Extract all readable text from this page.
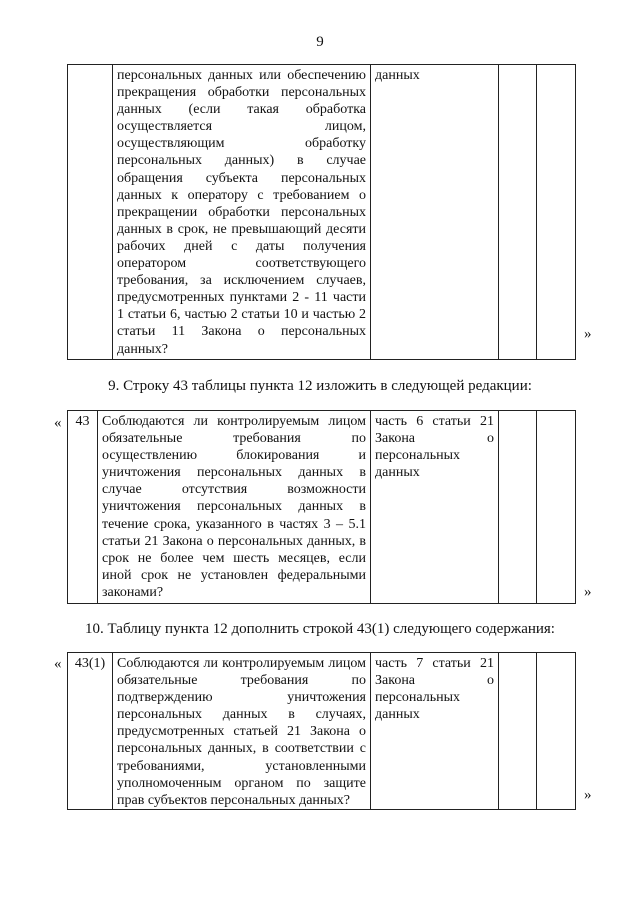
9
	персональных данных или обеспечению прекращения обработки персональных данных (если такая обработка осуществляется лицом, осуществляющим обработку персональных данных) в случае обращения субъекта персональных данных к оператору с требованием о прекращении обработки персональных данных в срок, не превышающий десяти рабочих дней с даты получения оператором соответствующего требования, за исключением случаев, предусмотренных пунктами 2 - 11 части 1 статьи 6, частью 2 статьи 10 и частью 2 статьи 11 Закона о персональных данных?	данных		
»
9. Строку 43 таблицы пункта 12 изложить в следующей редакции:
« 43	Соблюдаются ли контролируемым лицом обязательные требования по осуществлению блокирования и уничтожения персональных данных в случае отсутствия возможности уничтожения персональных данных в течение срока, указанного в частях 3 – 5.1 статьи 21 Закона о персональных данных, в срок не более чем шесть месяцев, если иной срок не установлен федеральными законами?	часть 6 статьи 21 Закона о персональных данных		
»
10. Таблицу пункта 12 дополнить строкой 43(1) следующего содержания:
« 43(1)	Соблюдаются ли контролируемым лицом обязательные требования по подтверждению уничтожения персональных данных в случаях, предусмотренных статьей 21 Закона о персональных данных, в соответствии с требованиями, установленными уполномоченным органом по защите прав субъектов персональных данных?	часть 7 статьи 21 Закона о персональных данных		
»
